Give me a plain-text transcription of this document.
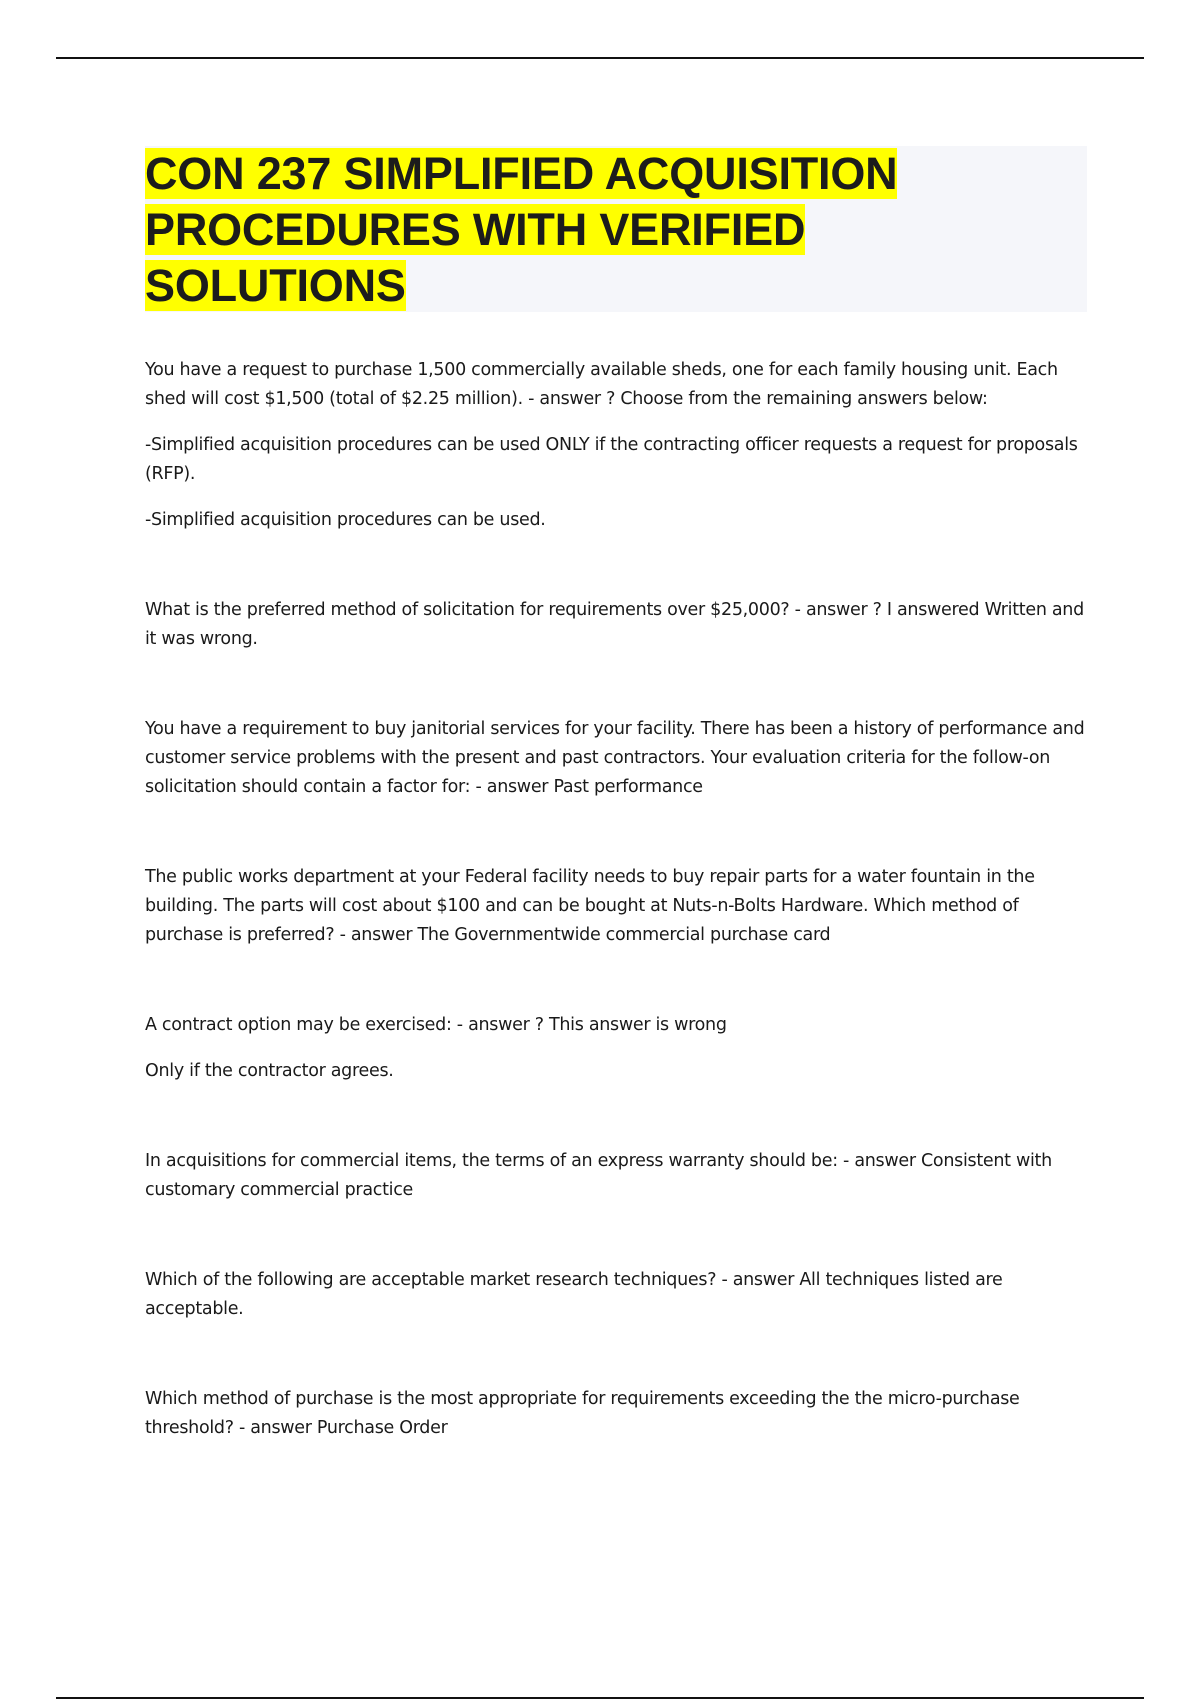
CON 237 SIMPLIFIED ACQUISITION
PROCEDURES WITH VERIFIED
SOLUTIONS

You have a request to purchase 1,500 commercially available sheds, one for each family housing unit. Each shed will cost $1,500 (total of $2.25 million). - answer ? Choose from the remaining answers below:

-Simplified acquisition procedures can be used ONLY if the contracting officer requests a request for proposals (RFP).

-Simplified acquisition procedures can be used.

What is the preferred method of solicitation for requirements over $25,000? - answer ? I answered Written and it was wrong.

You have a requirement to buy janitorial services for your facility. There has been a history of performance and customer service problems with the present and past contractors. Your evaluation criteria for the follow-on solicitation should contain a factor for: - answer Past performance

The public works department at your Federal facility needs to buy repair parts for a water fountain in the building. The parts will cost about $100 and can be bought at Nuts-n-Bolts Hardware. Which method of purchase is preferred? - answer The Governmentwide commercial purchase card

A contract option may be exercised: - answer ? This answer is wrong

Only if the contractor agrees.

In acquisitions for commercial items, the terms of an express warranty should be: - answer Consistent with customary commercial practice

Which of the following are acceptable market research techniques? - answer All techniques listed are acceptable.

Which method of purchase is the most appropriate for requirements exceeding the the micro-purchase threshold? - answer Purchase Order
